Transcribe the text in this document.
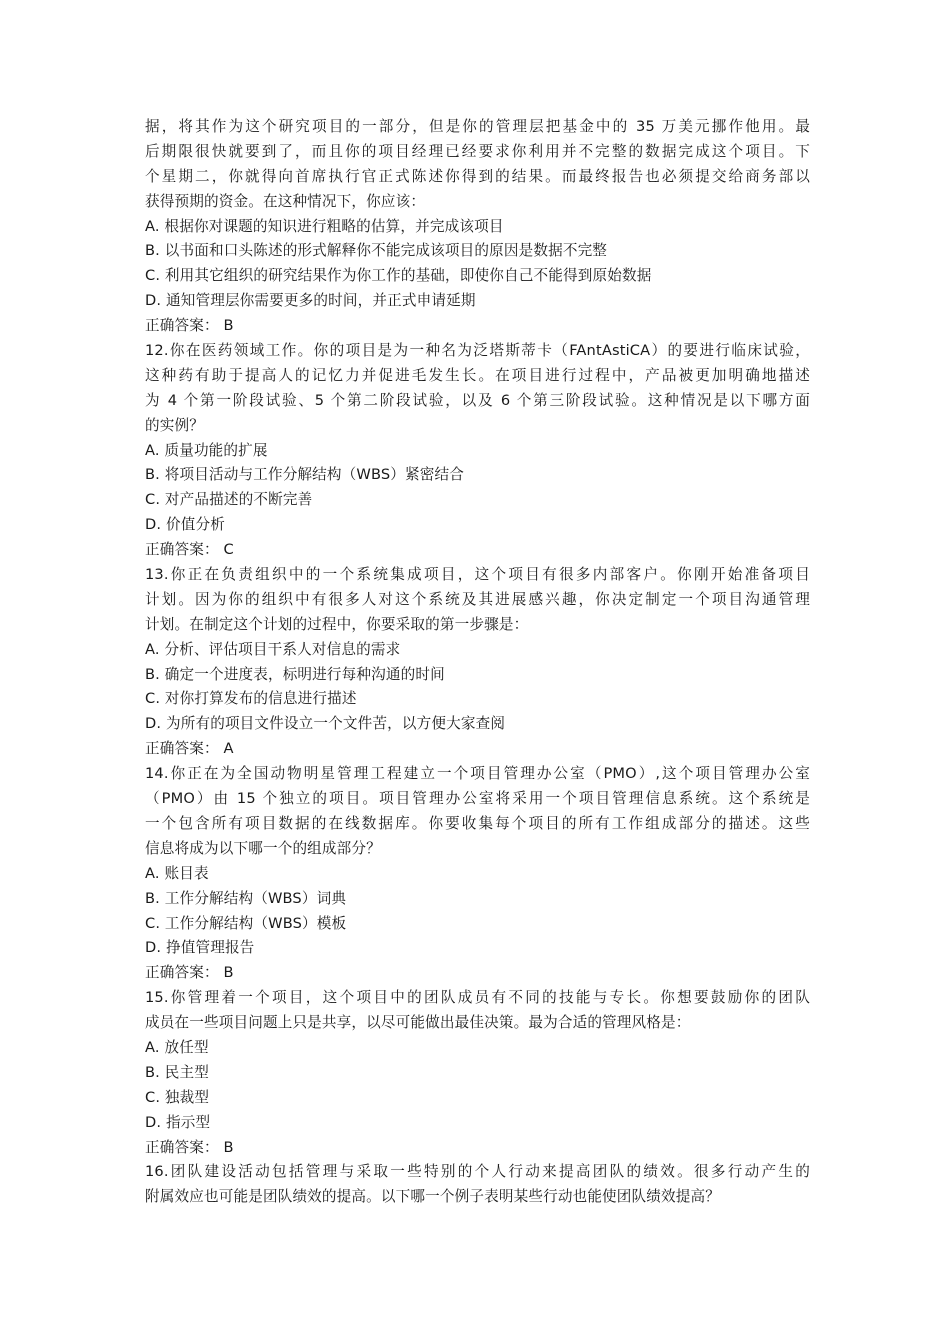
据，将其作为这个研究项目的一部分，但是你的管理层把基金中的 35 万美元挪作他用。最
后期限很快就要到了，而且你的项目经理已经要求你利用并不完整的数据完成这个项目。下
个星期二，你就得向首席执行官正式陈述你得到的结果。而最终报告也必须提交给商务部以
获得预期的资金。在这种情况下，你应该：
A. 根据你对课题的知识进行粗略的估算，并完成该项目
B. 以书面和口头陈述的形式解释你不能完成该项目的原因是数据不完整
C. 利用其它组织的研究结果作为你工作的基础，即使你自己不能得到原始数据
D. 通知管理层你需要更多的时间，并正式申请延期
正确答案： B
12.你在医药领域工作。你的项目是为一种名为泛塔斯蒂卡（FAntAstiCA）的要进行临床试验，
这种药有助于提高人的记忆力并促进毛发生长。在项目进行过程中，产品被更加明确地描述
为 4 个第一阶段试验、5 个第二阶段试验，以及 6 个第三阶段试验。这种情况是以下哪方面
的实例？
A. 质量功能的扩展
B. 将项目活动与工作分解结构（WBS）紧密结合
C. 对产品描述的不断完善
D. 价值分析
正确答案： C
13.你正在负责组织中的一个系统集成项目，这个项目有很多内部客户。你刚开始准备项目
计划。因为你的组织中有很多人对这个系统及其进展感兴趣，你决定制定一个项目沟通管理
计划。在制定这个计划的过程中，你要采取的第一步骤是：
A. 分析、评估项目干系人对信息的需求
B. 确定一个进度表，标明进行每种沟通的时间
C. 对你打算发布的信息进行描述
D. 为所有的项目文件设立一个文件苦，以方便大家查阅
正确答案： A
14.你正在为全国动物明星管理工程建立一个项目管理办公室（PMO）,这个项目管理办公室
（PMO）由 15 个独立的项目。项目管理办公室将采用一个项目管理信息系统。这个系统是
一个包含所有项目数据的在线数据库。你要收集每个项目的所有工作组成部分的描述。这些
信息将成为以下哪一个的组成部分？
A. 账目表
B. 工作分解结构（WBS）词典
C. 工作分解结构（WBS）模板
D. 挣值管理报告
正确答案： B
15.你管理着一个项目，这个项目中的团队成员有不同的技能与专长。你想要鼓励你的团队
成员在一些项目问题上只是共享，以尽可能做出最佳决策。最为合适的管理风格是：
A. 放任型
B. 民主型
C. 独裁型
D. 指示型
正确答案： B
16.团队建设活动包括管理与采取一些特别的个人行动来提高团队的绩效。很多行动产生的
附属效应也可能是团队绩效的提高。以下哪一个例子表明某些行动也能使团队绩效提高？
